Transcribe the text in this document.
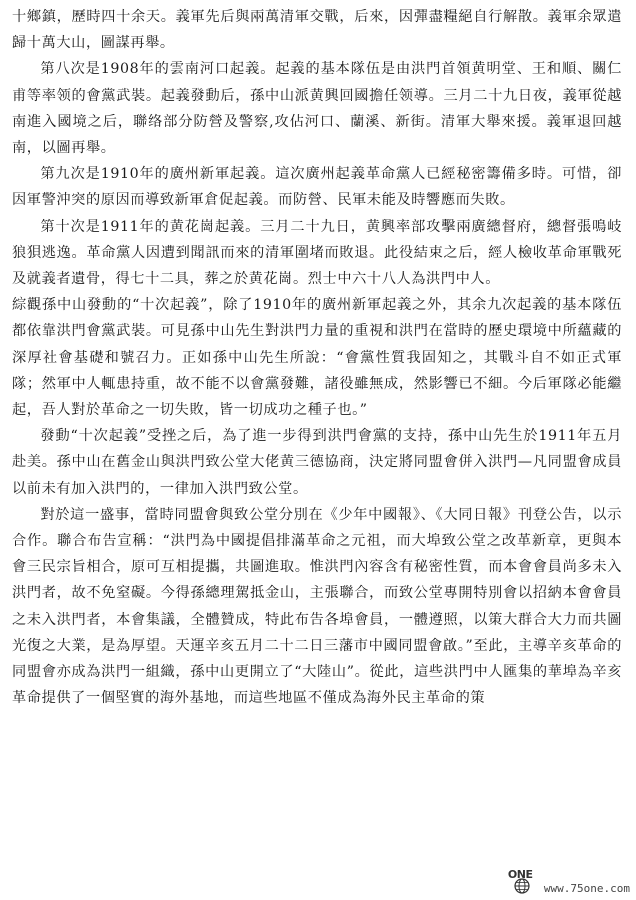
十鄉鎮，歷時四十余天。義軍先后與兩萬清軍交戰，后來，因彈盡糧絕自行解散。義軍余眾遣歸十萬大山，圖謀再舉。

第八次是1908年的雲南河口起義。起義的基本隊伍是由洪門首領黄明堂、王和順、關仁甫等率领的會黨武裝。起義發動后，孫中山派黄興回國擔任领導。三月二十九日夜，義軍從越南進入國境之后，聯络部分防營及警察,攻佔河口、蘭溪、新街。清軍大舉來援。義軍退回越南，以圖再舉。

第九次是1910年的廣州新軍起義。這次廣州起義革命黨人已經秘密籌備多時。可惜，卻因軍警沖突的原因而導致新軍倉促起義。而防營、民軍未能及時響應而失敗。

第十次是1911年的黄花崗起義。三月二十九日，黄興率部攻擊兩廣總督府，總督張鳴岐狼狽逃逸。革命黨人因遭到聞訊而來的清軍圍堵而敗退。此役結束之后，經人檢收革命軍戰死及就義者遺骨，得七十二具，葬之於黄花崗。烈士中六十八人為洪門中人。

綜觀孫中山發動的“十次起義”，除了1910年的廣州新軍起義之外，其余九次起義的基本隊伍都依靠洪門會黨武裝。可見孫中山先生對洪門力量的重視和洪門在當時的歷史環境中所蘊藏的深厚社會基礎和號召力。正如孫中山先生所說：“會黨性質我固知之，其戰斗自不如正式軍隊；然軍中人輒患持重，故不能不以會黨發難，諸役雖無成，然影響已不細。今后軍隊必能繼起，吾人對於革命之一切失敗，皆一切成功之種子也。”

發動“十次起義”受挫之后，為了進一步得到洪門會黨的支持，孫中山先生於1911年五月赴美。孫中山在舊金山與洪門致公堂大佬黄三德協商，決定將同盟會併入洪門—凡同盟會成員以前未有加入洪門的，一律加入洪門致公堂。

對於這一盛事，當時同盟會與致公堂分別在《少年中國報》、《大同日報》刊登公告，以示合作。聯合布告宣稱：“洪門為中國提倡排滿革命之元祖，而大埠致公堂之改革新章，更與本會三民宗旨相合，原可互相提攜，共圖進取。惟洪門內容含有秘密性質，而本會會員尚多未入洪門者，故不免窒礙。今得孫總理駕抵金山，主張聯合，而致公堂專開特別會以招納本會會員之未入洪門者，本會集議，全體贊成，特此布告各埠會員，一體遵照，以策大群合大力而共圖光復之大業，是為厚望。天運辛亥五月二十二日三藩市中國同盟會啟。”至此，主導辛亥革命的同盟會亦成為洪門一組織，孫中山更開立了“大陸山”。從此，這些洪門中人匯集的華埠為辛亥革命提供了一個堅實的海外基地，而這些地區不僅成為海外民主革命的策

ONE
www.75one.com
